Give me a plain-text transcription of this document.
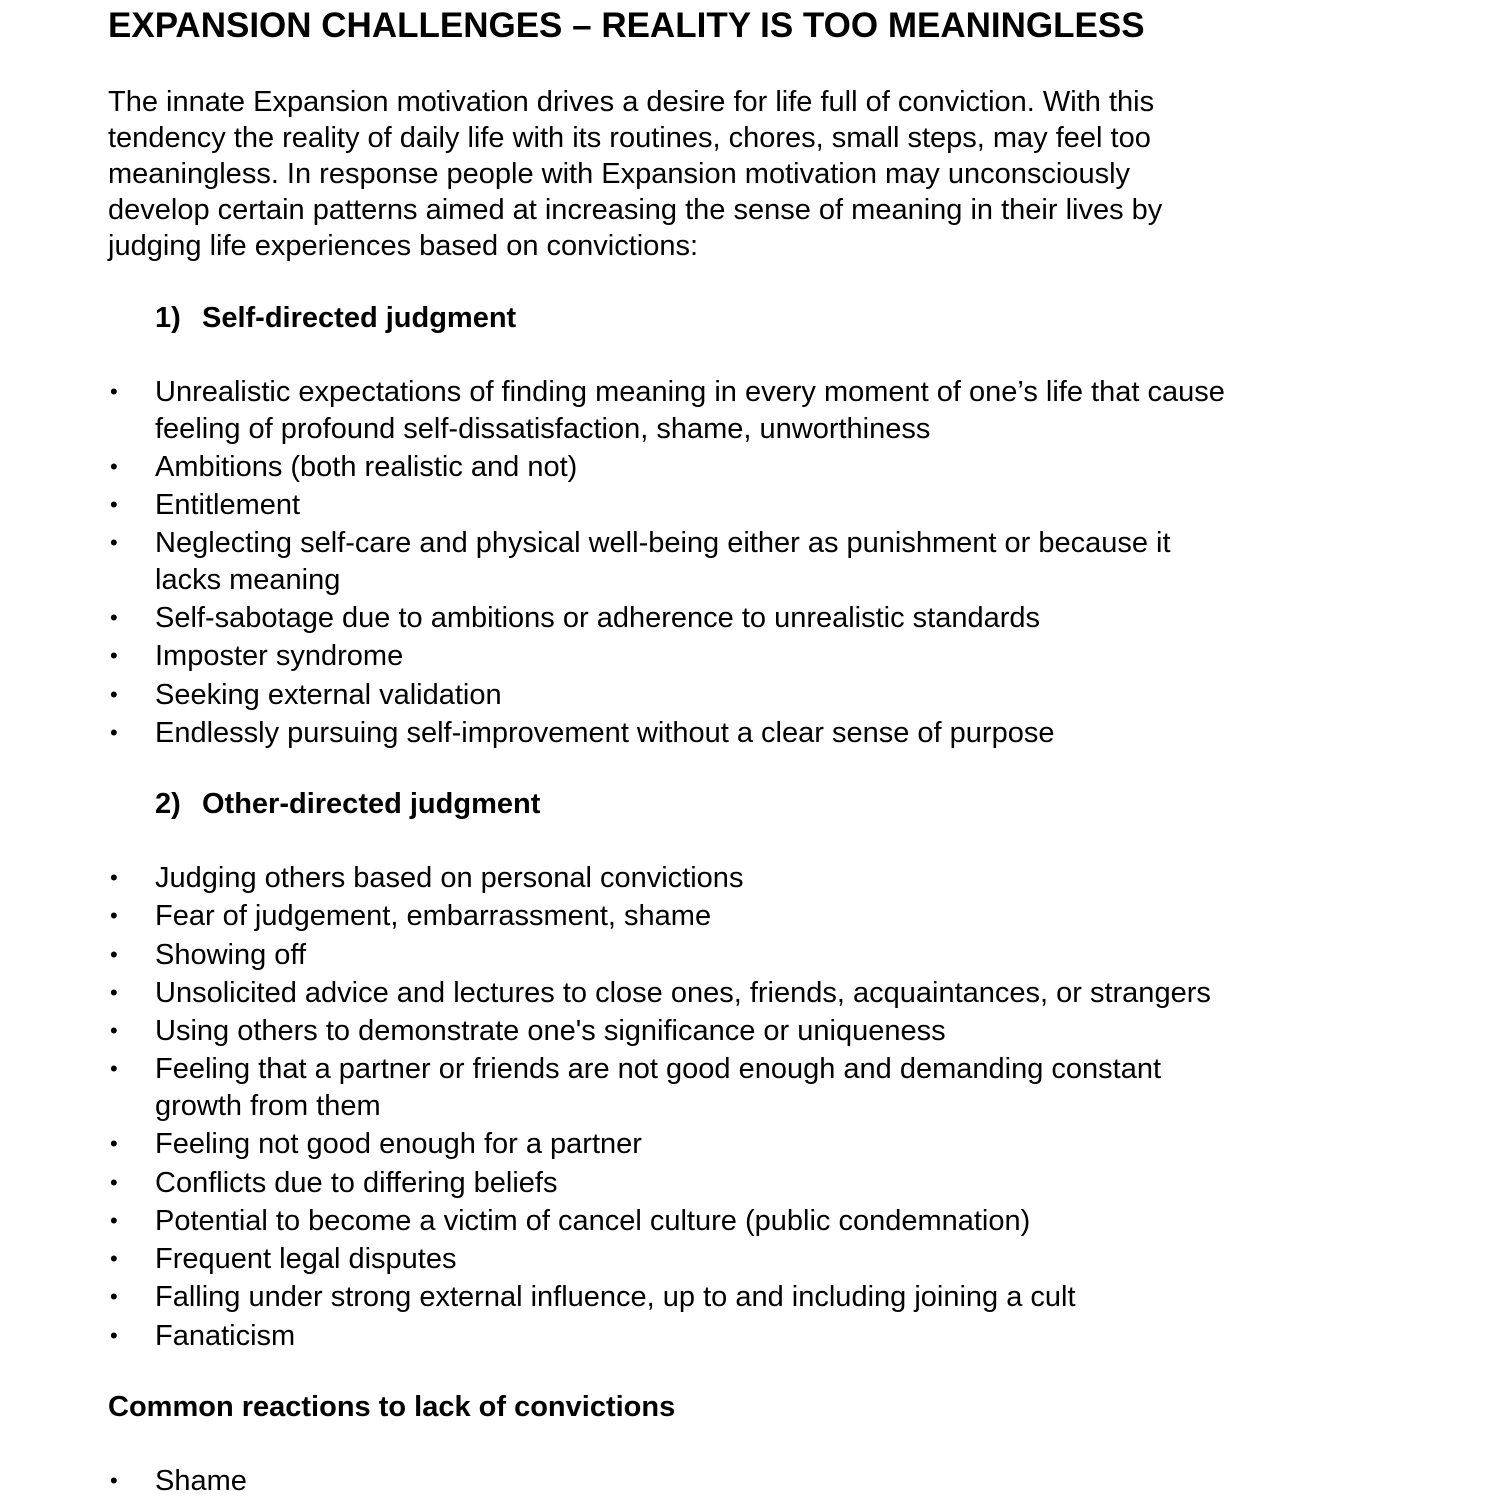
EXPANSION CHALLENGES – REALITY IS TOO MEANINGLESS
The innate Expansion motivation drives a desire for life full of conviction. With this
tendency the reality of daily life with its routines, chores, small steps, may feel too
meaningless. In response people with Expansion motivation may unconsciously
develop certain patterns aimed at increasing the sense of meaning in their lives by
judging life experiences based on convictions:
1) Self-directed judgment
• Unrealistic expectations of finding meaning in every moment of one’s life that cause
feeling of profound self-dissatisfaction, shame, unworthiness
• Ambitions (both realistic and not)
• Entitlement
• Neglecting self-care and physical well-being either as punishment or because it
lacks meaning
• Self-sabotage due to ambitions or adherence to unrealistic standards
• Imposter syndrome
• Seeking external validation
• Endlessly pursuing self-improvement without a clear sense of purpose
2) Other-directed judgment
• Judging others based on personal convictions
• Fear of judgement, embarrassment, shame
• Showing off
• Unsolicited advice and lectures to close ones, friends, acquaintances, or strangers
• Using others to demonstrate one's significance or uniqueness
• Feeling that a partner or friends are not good enough and demanding constant
growth from them
• Feeling not good enough for a partner
• Conflicts due to differing beliefs
• Potential to become a victim of cancel culture (public condemnation)
• Frequent legal disputes
• Falling under strong external influence, up to and including joining a cult
• Fanaticism
Common reactions to lack of convictions
• Shame
